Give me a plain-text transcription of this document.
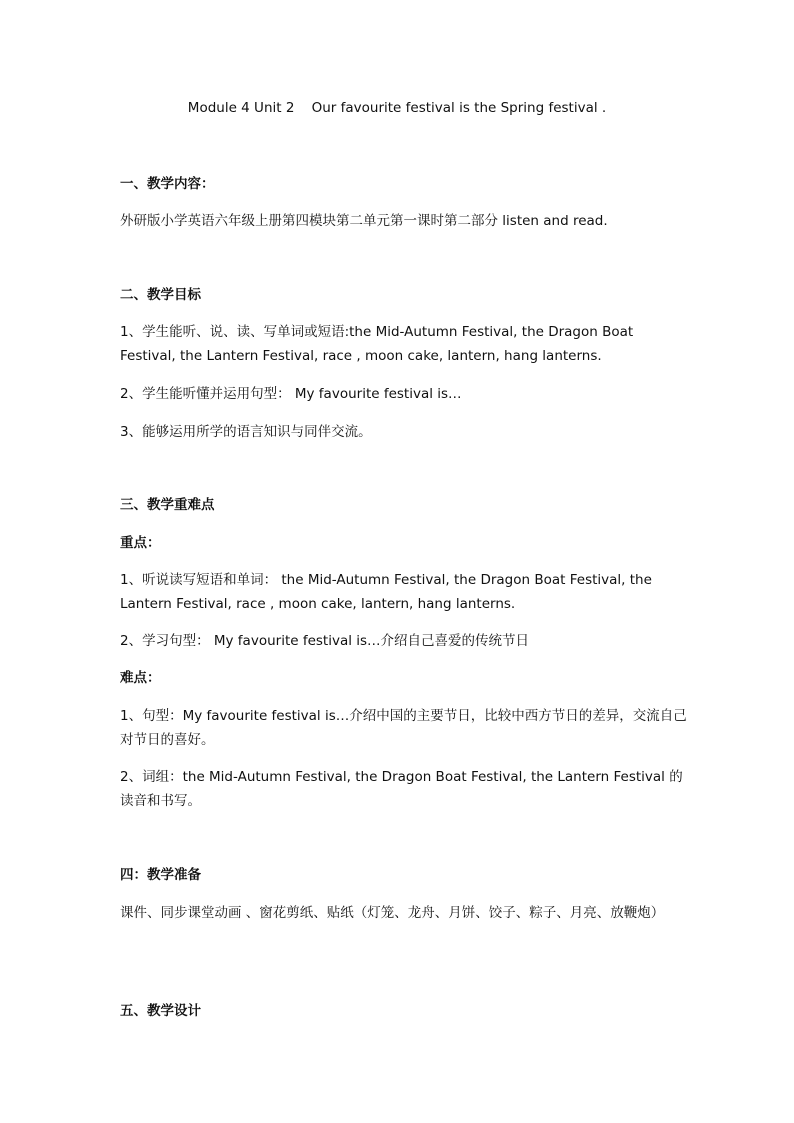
Module 4 Unit 2    Our favourite festival is the Spring festival .
一、教学内容：
外研版小学英语六年级上册第四模块第二单元第一课时第二部分 listen and read.
二、教学目标
1、学生能听、说、读、写单词或短语:the Mid-Autumn Festival, the Dragon Boat Festival, the Lantern Festival, race , moon cake, lantern, hang lanterns.
2、学生能听懂并运用句型： My favourite festival is…
3、能够运用所学的语言知识与同伴交流。
三、教学重难点
重点：
1、听说读写短语和单词： the Mid-Autumn Festival, the Dragon Boat Festival, the Lantern Festival, race , moon cake, lantern, hang lanterns.
2、学习句型： My favourite festival is…介绍自己喜爱的传统节日
难点：
1、句型：My favourite festival is…介绍中国的主要节日，比较中西方节日的差异，交流自己对节日的喜好。
2、词组：the Mid-Autumn Festival, the Dragon Boat Festival, the Lantern Festival 的读音和书写。
四：教学准备
课件、同步课堂动画 、窗花剪纸、贴纸（灯笼、龙舟、月饼、饺子、粽子、月亮、放鞭炮）
五、教学设计
